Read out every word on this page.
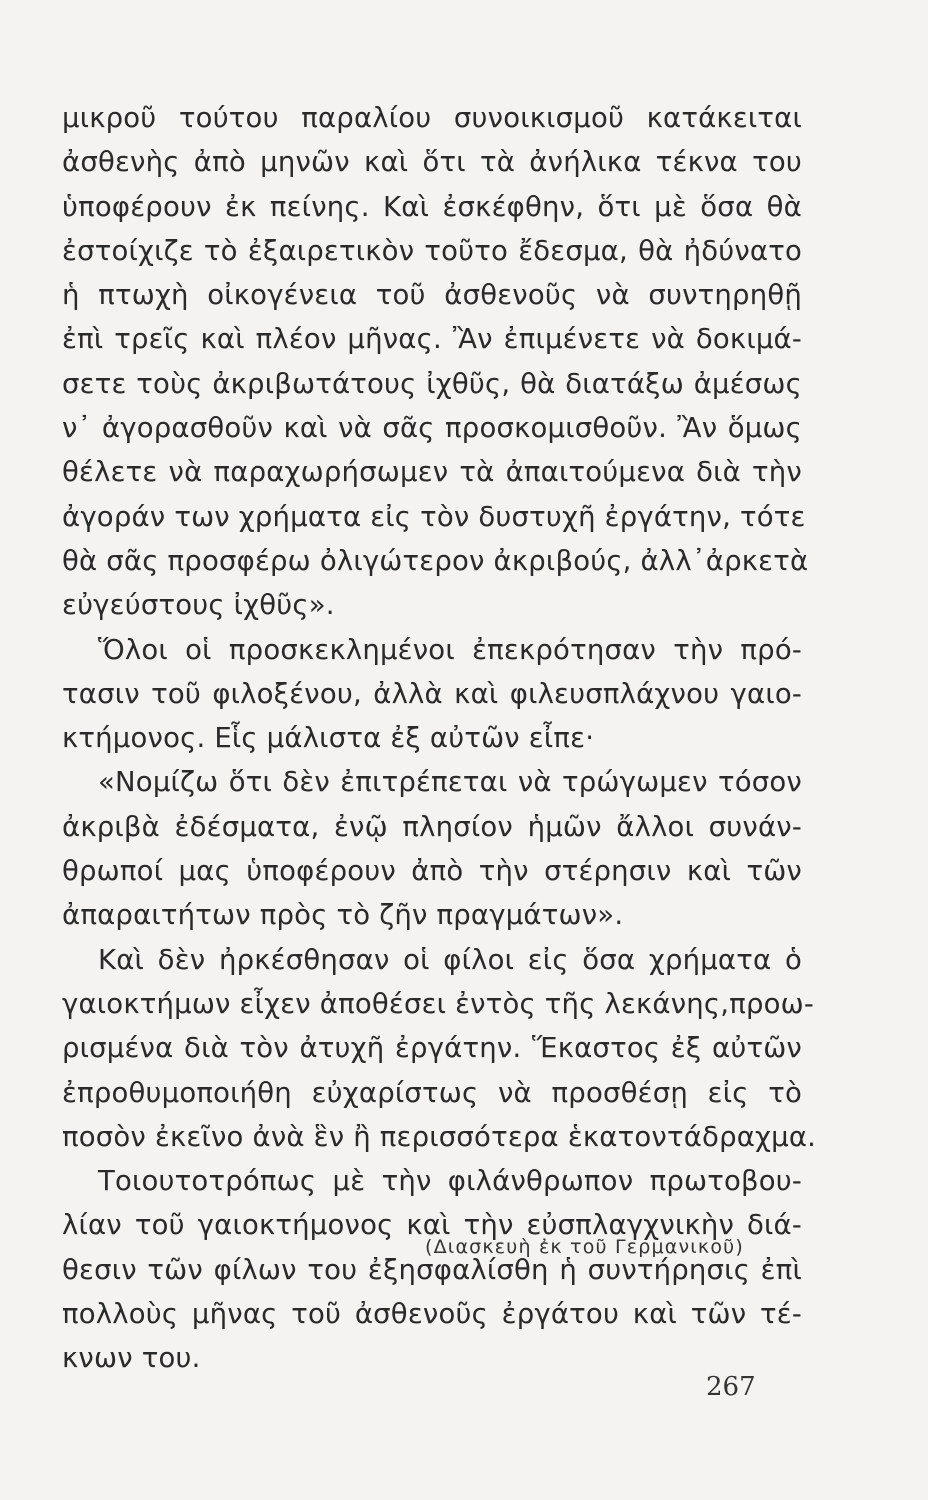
μικροῦ τούτου παραλίου συνοικισμοῦ κατάκειται
ἀσθενὴς ἀπὸ μηνῶν καὶ ὅτι τὰ ἀνήλικα τέκνα του
ὑποφέρουν ἐκ πείνης. Καὶ ἐσκέφθην, ὅτι μὲ ὅσα θὰ
ἐστοίχιζε τὸ ἐξαιρετικὸν τοῦτο ἔδεσμα, θὰ ἠδύνατο
ἡ πτωχὴ οἰκογένεια τοῦ ἀσθενοῦς νὰ συντηρηθῇ
ἐπὶ τρεῖς καὶ πλέον μῆνας. Ἂν ἐπιμένετε νὰ δοκιμά-
σετε τοὺς ἀκριβωτάτους ἰχθῦς, θὰ διατάξω ἀμέσως
ν᾽ ἀγορασθοῦν καὶ νὰ σᾶς προσκομισθοῦν. Ἂν ὅμως
θέλετε νὰ παραχωρήσωμεν τὰ ἀπαιτούμενα διὰ τὴν
ἀγοράν των χρήματα εἰς τὸν δυστυχῆ ἐργάτην, τότε
θὰ σᾶς προσφέρω ὀλιγώτερον ἀκριβούς, ἀλλ᾽ἀρκετὰ
εὐγεύστους ἰχθῦς».
Ὅλοι οἱ προσκεκλημένοι ἐπεκρότησαν τὴν πρό-
τασιν τοῦ φιλοξένου, ἀλλὰ καὶ φιλευσπλάχνου γαιο-
κτήμονος. Εἷς μάλιστα ἐξ αὐτῶν εἶπε·
«Νομίζω ὅτι δὲν ἐπιτρέπεται νὰ τρώγωμεν τόσον
ἀκριβὰ ἐδέσματα, ἐνῷ πλησίον ἡμῶν ἄλλοι συνάν-
θρωποί μας ὑποφέρουν ἀπὸ τὴν στέρησιν καὶ τῶν
ἀπαραιτήτων πρὸς τὸ ζῆν πραγμάτων».
Καὶ δὲν ἠρκέσθησαν οἱ φίλοι εἰς ὅσα χρήματα ὁ
γαιοκτήμων εἶχεν ἀποθέσει ἐντὸς τῆς λεκάνης,προω-
ρισμένα διὰ τὸν ἀτυχῆ ἐργάτην. Ἕκαστος ἐξ αὐτῶν
ἐπροθυμοποιήθη εὐχαρίστως νὰ προσθέσῃ εἰς τὸ
ποσὸν ἐκεῖνο ἀνὰ ἓν ἢ περισσότερα ἑκατοντάδραχμα.
Τοιουτοτρόπως μὲ τὴν φιλάνθρωπον πρωτοβου-
λίαν τοῦ γαιοκτήμονος καὶ τὴν εὐσπλαγχνικὴν διά-
θεσιν τῶν φίλων του ἐξησφαλίσθη ἡ συντήρησις ἐπὶ
πολλοὺς μῆνας τοῦ ἀσθενοῦς ἐργάτου καὶ τῶν τέ-
κνων του.
(Διασκευὴ ἐκ τοῦ Γερμανικοῦ)
267
